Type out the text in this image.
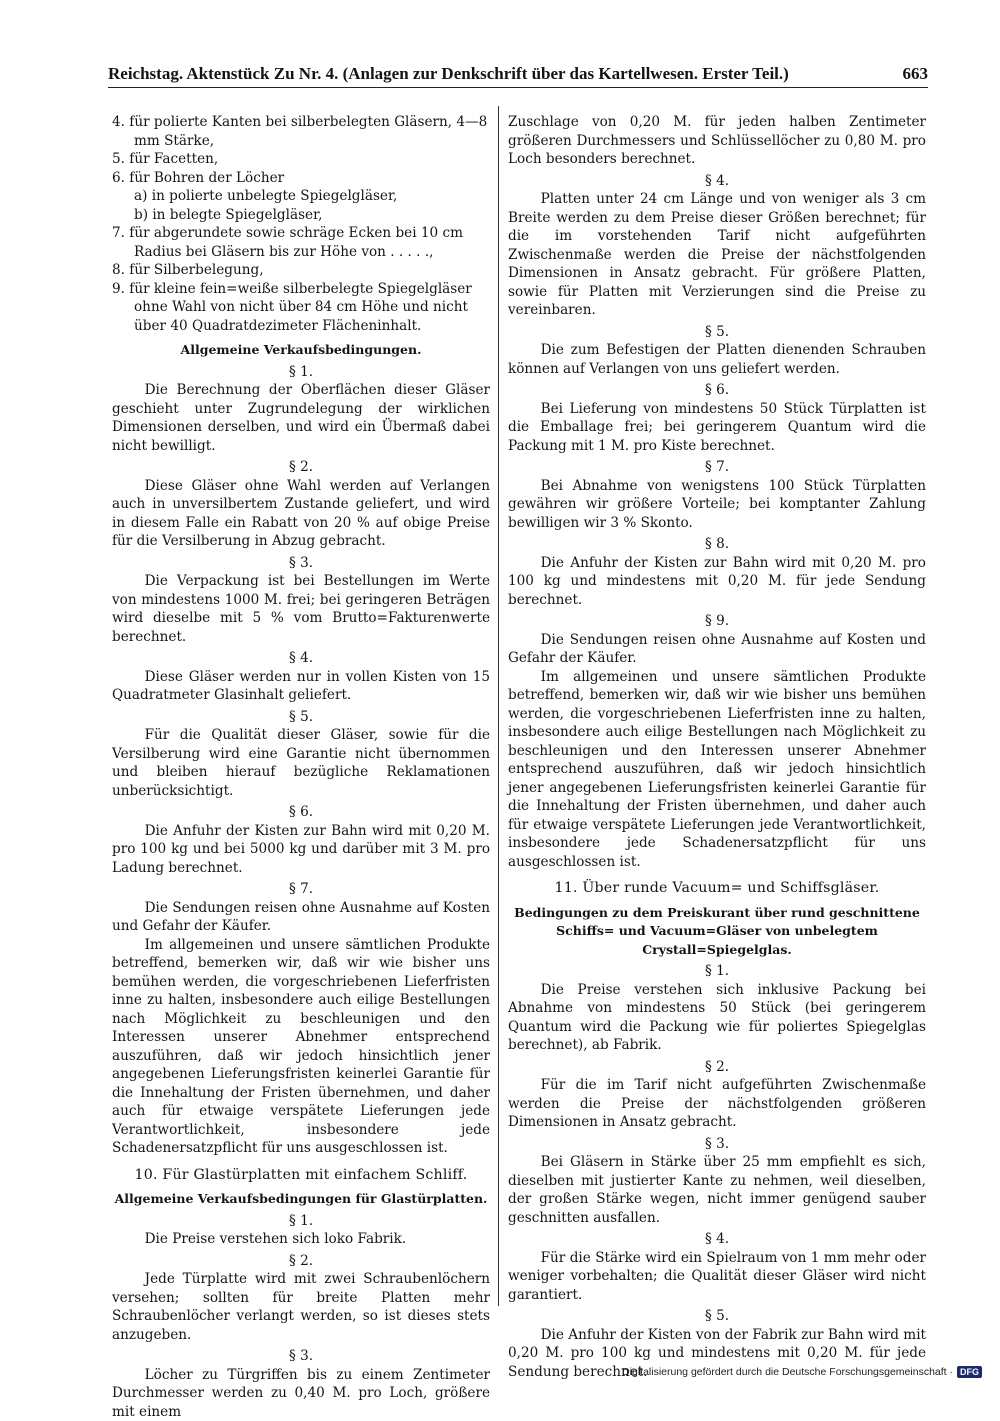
Reichstag. Aktenstück Zu Nr. 4. (Anlagen zur Denkschrift über das Kartellwesen. Erster Teil.)	663

4. für polierte Kanten bei silberbelegten Gläsern, 4—8 mm Stärke,

5. für Facetten,

6. für Bohren der Löcher

a) in polierte unbelegte Spiegelgläser,

b) in belegte Spiegelgläser,

7. für abgerundete sowie schräge Ecken bei 10 cm Radius bei Gläsern bis zur Höhe von . . . . .,

8. für Silberbelegung,

9. für kleine fein=weiße silberbelegte Spiegelgläser ohne Wahl von nicht über 84 cm Höhe und nicht über 40 Quadratdezimeter Flächeninhalt.

Allgemeine Verkaufsbedingungen.

§ 1.

Die Berechnung der Oberflächen dieser Gläser geschieht unter Zugrundelegung der wirklichen Dimensionen derselben, und wird ein Übermaß dabei nicht bewilligt.

§ 2.

Diese Gläser ohne Wahl werden auf Verlangen auch in unversilbertem Zustande geliefert, und wird in diesem Falle ein Rabatt von 20 % auf obige Preise für die Versilberung in Abzug gebracht.

§ 3.

Die Verpackung ist bei Bestellungen im Werte von mindestens 1000 M. frei; bei geringeren Beträgen wird dieselbe mit 5 % vom Brutto=Fakturenwerte berechnet.

§ 4.

Diese Gläser werden nur in vollen Kisten von 15 Quadratmeter Glasinhalt geliefert.

§ 5.

Für die Qualität dieser Gläser, sowie für die Versilberung wird eine Garantie nicht übernommen und bleiben hierauf bezügliche Reklamationen unberücksichtigt.

§ 6.

Die Anfuhr der Kisten zur Bahn wird mit 0,20 M. pro 100 kg und bei 5000 kg und darüber mit 3 M. pro Ladung berechnet.

§ 7.

Die Sendungen reisen ohne Ausnahme auf Kosten und Gefahr der Käufer.

Im allgemeinen und unsere sämtlichen Produkte betreffend, bemerken wir, daß wir wie bisher uns bemühen werden, die vorgeschriebenen Lieferfristen inne zu halten, insbesondere auch eilige Bestellungen nach Möglichkeit zu beschleunigen und den Interessen unserer Abnehmer entsprechend auszuführen, daß wir jedoch hinsichtlich jener angegebenen Lieferungsfristen keinerlei Garantie für die Innehaltung der Fristen übernehmen, und daher auch für etwaige verspätete Lieferungen jede Verantwortlichkeit, insbesondere jede Schadenersatzpflicht für uns ausgeschlossen ist.

10. Für Glastürplatten mit einfachem Schliff.

Allgemeine Verkaufsbedingungen für Glastürplatten.

§ 1.

Die Preise verstehen sich loko Fabrik.

§ 2.

Jede Türplatte wird mit zwei Schraubenlöchern versehen; sollten für breite Platten mehr Schraubenlöcher verlangt werden, so ist dieses stets anzugeben.

§ 3.

Löcher zu Türgriffen bis zu einem Zentimeter Durchmesser werden zu 0,40 M. pro Loch, größere mit einem

Zuschlage von 0,20 M. für jeden halben Zentimeter größeren Durchmessers und Schlüssellöcher zu 0,80 M. pro Loch besonders berechnet.

§ 4.

Platten unter 24 cm Länge und von weniger als 3 cm Breite werden zu dem Preise dieser Größen berechnet; für die im vorstehenden Tarif nicht aufgeführten Zwischenmaße werden die Preise der nächstfolgenden Dimensionen in Ansatz gebracht. Für größere Platten, sowie für Platten mit Verzierungen sind die Preise zu vereinbaren.

§ 5.

Die zum Befestigen der Platten dienenden Schrauben können auf Verlangen von uns geliefert werden.

§ 6.

Bei Lieferung von mindestens 50 Stück Türplatten ist die Emballage frei; bei geringerem Quantum wird die Packung mit 1 M. pro Kiste berechnet.

§ 7.

Bei Abnahme von wenigstens 100 Stück Türplatten gewähren wir größere Vorteile; bei komptanter Zahlung bewilligen wir 3 % Skonto.

§ 8.

Die Anfuhr der Kisten zur Bahn wird mit 0,20 M. pro 100 kg und mindestens mit 0,20 M. für jede Sendung berechnet.

§ 9.

Die Sendungen reisen ohne Ausnahme auf Kosten und Gefahr der Käufer.

Im allgemeinen und unsere sämtlichen Produkte betreffend, bemerken wir, daß wir wie bisher uns bemühen werden, die vorgeschriebenen Lieferfristen inne zu halten, insbesondere auch eilige Bestellungen nach Möglichkeit zu beschleunigen und den Interessen unserer Abnehmer entsprechend auszuführen, daß wir jedoch hinsichtlich jener angegebenen Lieferungsfristen keinerlei Garantie für die Innehaltung der Fristen übernehmen, und daher auch für etwaige verspätete Lieferungen jede Verantwortlichkeit, insbesondere jede Schadenersatzpflicht für uns ausgeschlossen ist.

11. Über runde Vacuum= und Schiffsgläser.

Bedingungen zu dem Preiskurant über rund geschnittene Schiffs= und Vacuum=Gläser von unbelegtem Crystall=Spiegelglas.

§ 1.

Die Preise verstehen sich inklusive Packung bei Abnahme von mindestens 50 Stück (bei geringerem Quantum wird die Packung wie für poliertes Spiegelglas berechnet), ab Fabrik.

§ 2.

Für die im Tarif nicht aufgeführten Zwischenmaße werden die Preise der nächstfolgenden größeren Dimensionen in Ansatz gebracht.

§ 3.

Bei Gläsern in Stärke über 25 mm empfiehlt es sich, dieselben mit justierter Kante zu nehmen, weil dieselben, der großen Stärke wegen, nicht immer genügend sauber geschnitten ausfallen.

§ 4.

Für die Stärke wird ein Spielraum von 1 mm mehr oder weniger vorbehalten; die Qualität dieser Gläser wird nicht garantiert.

§ 5.

Die Anfuhr der Kisten von der Fabrik zur Bahn wird mit 0,20 M. pro 100 kg und mindestens mit 0,20 M. für jede Sendung berechnet.

Digitalisierung gefördert durch die Deutsche Forschungsgemeinschaft · DFG
